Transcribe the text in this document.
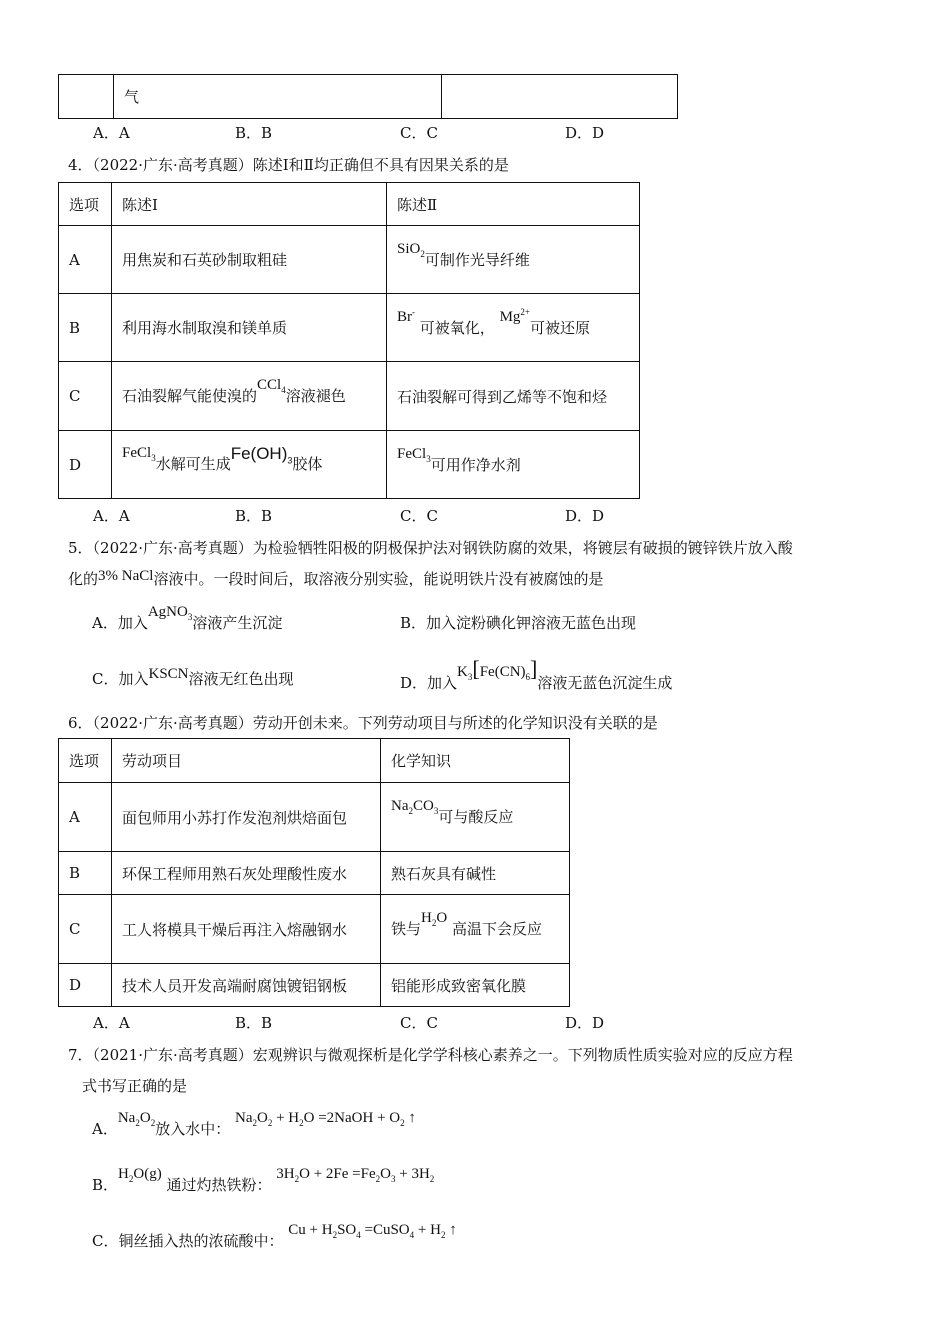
	气	
A．A	B．B	C．C	D．D
4．（2022·广东·高考真题）陈述Ⅰ和Ⅱ均正确但不具有因果关系的是
选项	陈述Ⅰ	陈述Ⅱ
A	用焦炭和石英砂制取粗硅	SiO$_2$可制作光导纤维
B	利用海水制取溴和镁单质	Br- 可被氧化， $Mg^{2+}$可被还原
C	石油裂解气能使溴的CCl$_4$溶液褪色	石油裂解可得到乙烯等不饱和烃
D	FeCl$_3$水解可生成$Fe(OH)_3$胶体	FeCl$_3$可用作净水剂
A．A	B．B	C．C	D．D
5．（2022·广东·高考真题）为检验牺牲阳极的阴极保护法对钢铁防腐的效果，将镀层有破损的镀锌铁片放入酸
化的3% NaCl溶液中。一段时间后，取溶液分别实验，能说明铁片没有被腐蚀的是
A．加入AgNO$_3$溶液产生沉淀	B．加入淀粉碘化钾溶液无蓝色出现
C．加入KSCN溶液无红色出现	D．加入$K_3[Fe(CN)_6]$溶液无蓝色沉淀生成
6．（2022·广东·高考真题）劳动开创未来。下列劳动项目与所述的化学知识没有关联的是
选项	劳动项目	化学知识
A	面包师用小苏打作发泡剂烘焙面包	$Na_2CO_3$可与酸反应
B	环保工程师用熟石灰处理酸性废水	熟石灰具有碱性
C	工人将模具干燥后再注入熔融钢水	铁与$H_2O$ 高温下会反应
D	技术人员开发高端耐腐蚀镀铝钢板	铝能形成致密氧化膜
A．A	B．B	C．C	D．D
7．（2021·广东·高考真题）宏观辨识与微观探析是化学学科核心素养之一。下列物质性质实验对应的反应方程
式书写正确的是
A．$Na_2O_2$放入水中： $Na_2O_2 + H_2O$ =2NaOH + $O_2$ ↑
B．$H_2O(g)$ 通过灼热铁粉： $3H_2O + 2Fe =Fe_2O_3 + 3H_2$
C．铜丝插入热的浓硫酸中： $Cu + H_2SO_4$ =CuSO$_4$ + $H_2$ ↑
